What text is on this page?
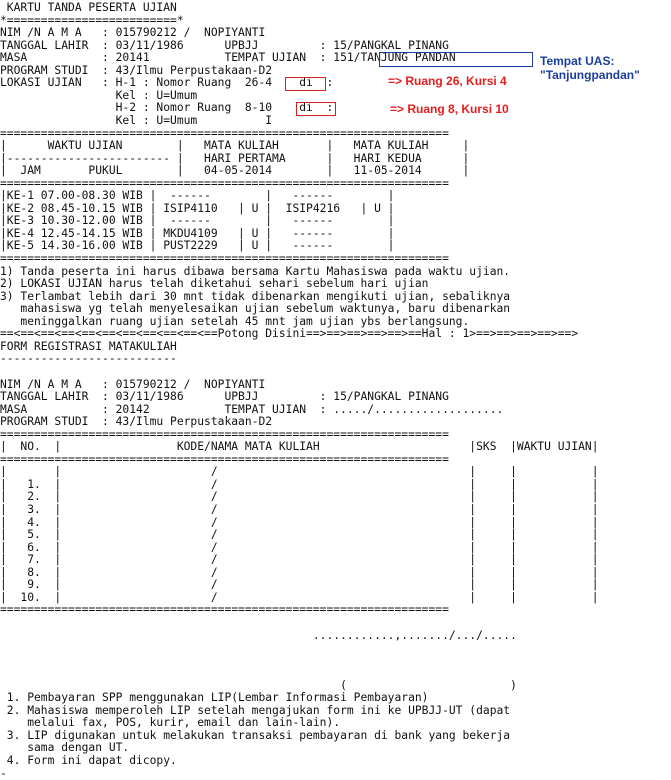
KARTU TANDA PESERTA UJIAN
*=========================*
NIM /N A M A   : 015790212 /  NOPIYANTI
TANGGAL LAHIR  : 03/11/1986      UPBJJ         : 15/PANGKAL PINANG
MASA           : 20141           TEMPAT UJIAN  : 151/TANJUNG PANDAN
PROGRAM STUDI  : 43/Ilmu Perpustakaan-D2
LOKASI UJIAN   : H-1 : Nomor Ruang  26-4    di  :
Kel : U=Umum
H-2 : Nomor Ruang  8-10    di  :
Kel : U=Umum          I
==================================================================
|      WAKTU UJIAN        |   MATA KULIAH       |   MATA KULIAH     |
|------------------------ |   HARI PERTAMA      |   HARI KEDUA      |
|  JAM       PUKUL        |   04-05-2014        |   11-05-2014      |
==================================================================
|KE-1 07.00-08.30 WIB |  ------        |   ------        |
|KE-2 08.45-10.15 WIB | ISIP4110   | U |  ISIP4216   | U |
|KE-3 10.30-12.00 WIB |  ------        |   ------        |
|KE-4 12.45-14.15 WIB | MKDU4109   | U |   ------        |
|KE-5 14.30-16.00 WIB | PUST2229   | U |   ------        |
==================================================================
1) Tanda peserta ini harus dibawa bersama Kartu Mahasiswa pada waktu ujian.
2) LOKASI UJIAN harus telah diketahui sehari sebelum hari ujian
3) Terlambat lebih dari 30 mnt tidak dibenarkan mengikuti ujian, sebaliknya
mahasiswa yg telah menyelesaikan ujian sebelum waktunya, baru dibenarkan
meninggalkan ruang ujian setelah 45 mnt jam ujian ybs berlangsung.
==<==<==<==<==<==<==<==<==<==<==Potong Disini==>==>==>==>==>==Hal : 1>==>==>==>==>==>
FORM REGISTRASI MATAKULIAH
--------------------------
NIM /N A M A   : 015790212 /  NOPIYANTI
TANGGAL LAHIR  : 03/11/1986      UPBJJ         : 15/PANGKAL PINANG
MASA           : 20142           TEMPAT UJIAN  : ...../...................
PROGRAM STUDI  : 43/Ilmu Perpustakaan-D2
==================================================================
|  NO.  |                 KODE/NAMA MATA KULIAH                      |SKS  |WAKTU UJIAN|
==================================================================
|       |                      /                                     |     |           |
|   1.  |                      /                                     |     |           |
|   2.  |                      /                                     |     |           |
|   3.  |                      /                                     |     |           |
|   4.  |                      /                                     |     |           |
|   5.  |                      /                                     |     |           |
|   6.  |                      /                                     |     |           |
|   7.  |                      /                                     |     |           |
|   8.  |                      /                                     |     |           |
|   9.  |                      /                                     |     |           |
|  10.  |                      /                                     |     |           |
==================================================================
............,......./.../.....
(                        )
1. Pembayaran SPP menggunakan LIP(Lembar Informasi Pembayaran)
2. Mahasiswa memperoleh LIP setelah mengajukan form ini ke UPBJJ-UT (dapat
melalui fax, POS, kurir, email dan lain-lain).
3. LIP digunakan untuk melakukan transaksi pembayaran di bank yang bekerja
sama dengan UT.
4. Form ini dapat dicopy.
-
Tempat UAS:
"Tanjungpandan"
=> Ruang 26, Kursi 4
=> Ruang 8, Kursi 10
